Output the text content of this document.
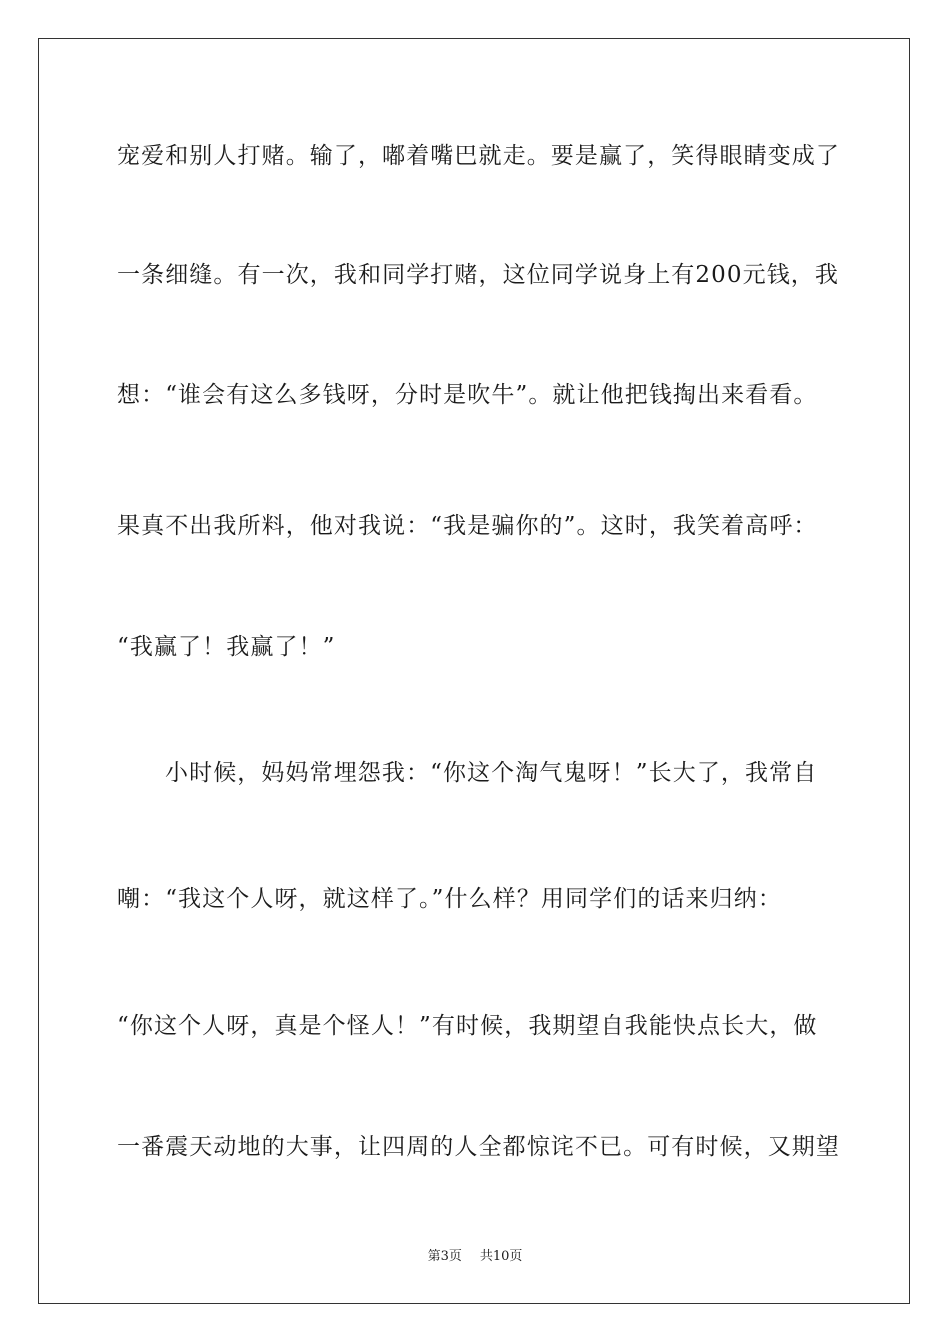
宠爱和别人打赌。输了，嘟着嘴巴就走。要是赢了，笑得眼睛变成了
一条细缝。有一次，我和同学打赌，这位同学说身上有200元钱，我
想：“谁会有这么多钱呀，分时是吹牛”。就让他把钱掏出来看看。
果真不出我所料，他对我说：“我是骗你的”。这时，我笑着高呼：
“我赢了！我赢了！”
小时候，妈妈常埋怨我：“你这个淘气鬼呀！”长大了，我常自
嘲：“我这个人呀，就这样了。”什么样？用同学们的话来归纳：
“你这个人呀，真是个怪人！”有时候，我期望自我能快点长大，做
一番震天动地的大事，让四周的人全都惊诧不已。可有时候，又期望
第3页 共10页
